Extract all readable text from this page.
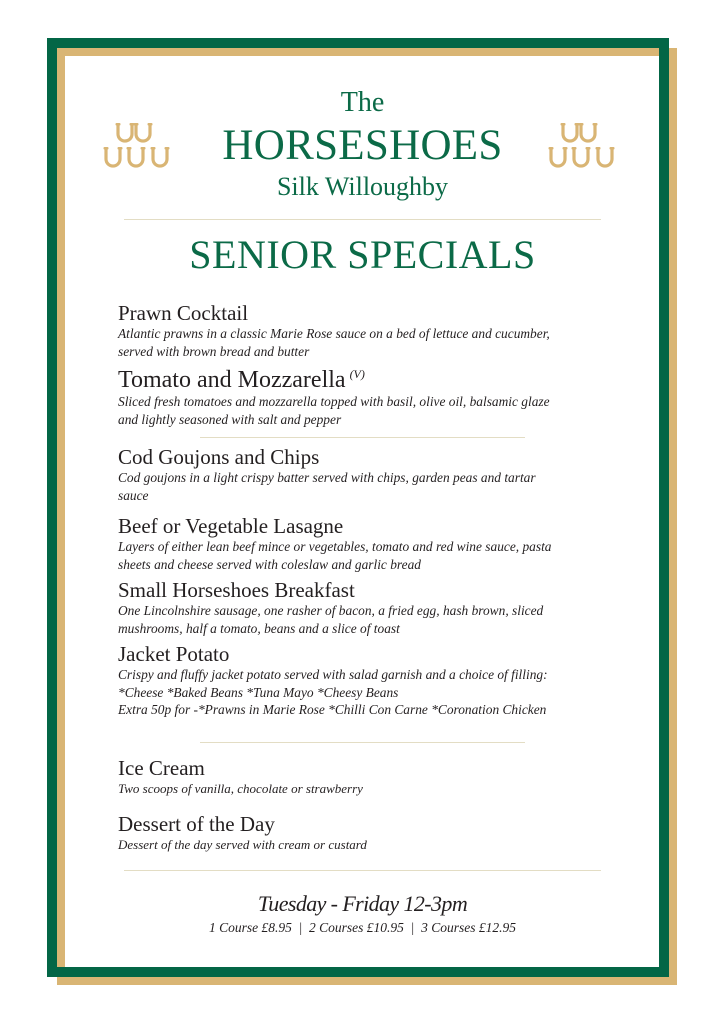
The
HORSESHOES
Silk Willoughby
SENIOR SPECIALS
Prawn Cocktail
Atlantic prawns in a classic Marie Rose sauce on a bed of lettuce and cucumber,
served with brown bread and butter
Tomato and Mozzarella $^{(V)}$
Sliced fresh tomatoes and mozzarella topped with basil, olive oil, balsamic glaze
and lightly seasoned with salt and pepper
Cod Goujons and Chips
Cod goujons in a light crispy batter served with chips, garden peas and tartar
sauce
Beef or Vegetable Lasagne
Layers of either lean beef mince or vegetables, tomato and red wine sauce, pasta
sheets and cheese served with coleslaw and garlic bread
Small Horseshoes Breakfast
One Lincolnshire sausage, one rasher of bacon, a fried egg, hash brown, sliced
mushrooms, half a tomato, beans and a slice of toast
Jacket Potato
Crispy and fluffy jacket potato served with salad garnish and a choice of filling:
*Cheese *Baked Beans *Tuna Mayo *Cheesy Beans
Extra 50p for -*Prawns in Marie Rose *Chilli Con Carne *Coronation Chicken
Ice Cream
Two scoops of vanilla, chocolate or strawberry
Dessert of the Day
Dessert of the day served with cream or custard
Tuesday - Friday 12-3pm
1 Course £8.95  |  2 Courses £10.95  |  3 Courses £12.95
